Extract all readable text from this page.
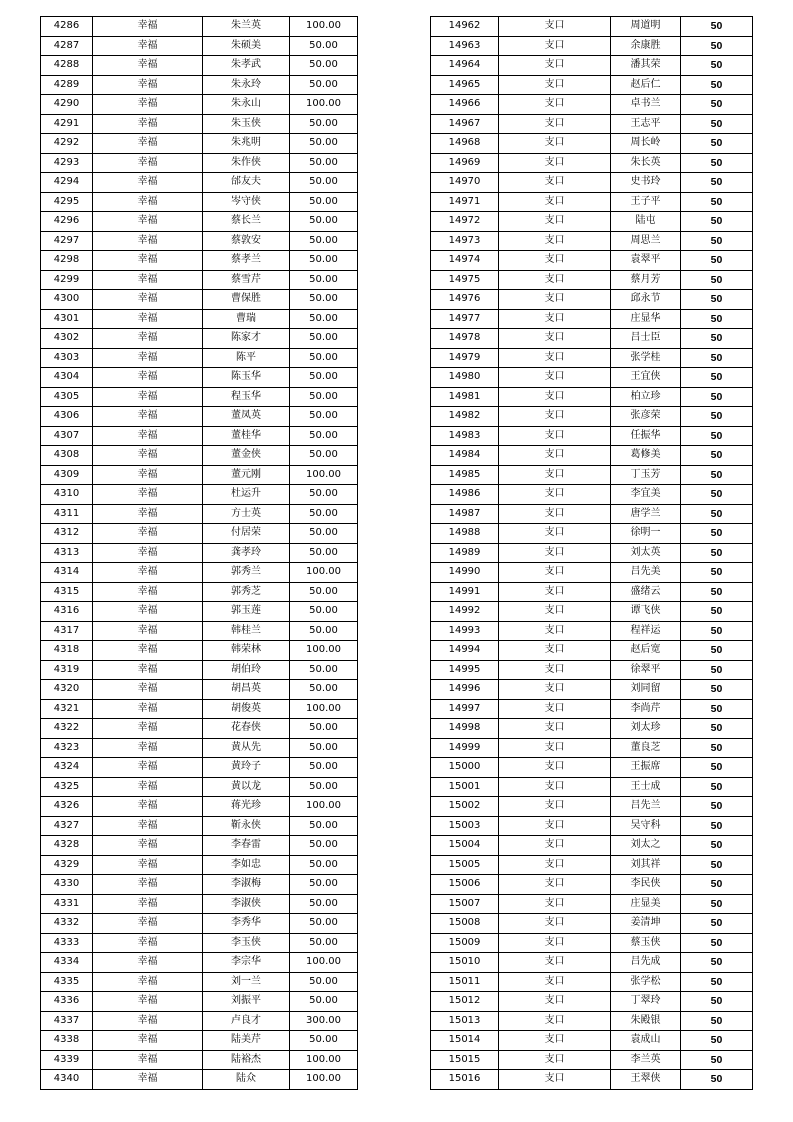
4286	幸福	朱兰英	100.00
4287	幸福	朱硕美	50.00
4288	幸福	朱孝武	50.00
4289	幸福	朱永玲	50.00
4290	幸福	朱永山	100.00
4291	幸福	朱玉侠	50.00
4292	幸福	朱兆明	50.00
4293	幸福	朱作侠	50.00
4294	幸福	邰友夫	50.00
4295	幸福	岑守侠	50.00
4296	幸福	蔡长兰	50.00
4297	幸福	蔡敦安	50.00
4298	幸福	蔡孝兰	50.00
4299	幸福	蔡雪芹	50.00
4300	幸福	曹保胜	50.00
4301	幸福	曹瑞	50.00
4302	幸福	陈家才	50.00
4303	幸福	陈平	50.00
4304	幸福	陈玉华	50.00
4305	幸福	程玉华	50.00
4306	幸福	董凤英	50.00
4307	幸福	董桂华	50.00
4308	幸福	董金侠	50.00
4309	幸福	董元刚	100.00
4310	幸福	杜运升	50.00
4311	幸福	方士英	50.00
4312	幸福	付居荣	50.00
4313	幸福	龚孝玲	50.00
4314	幸福	郭秀兰	100.00
4315	幸福	郭秀芝	50.00
4316	幸福	郭玉莲	50.00
4317	幸福	韩桂兰	50.00
4318	幸福	韩荣林	100.00
4319	幸福	胡伯玲	50.00
4320	幸福	胡昌英	50.00
4321	幸福	胡俊英	100.00
4322	幸福	花春侠	50.00
4323	幸福	黄从先	50.00
4324	幸福	黄玲子	50.00
4325	幸福	黄以龙	50.00
4326	幸福	蒋光珍	100.00
4327	幸福	靳永侠	50.00
4328	幸福	李春雷	50.00
4329	幸福	李如忠	50.00
4330	幸福	李淑梅	50.00
4331	幸福	李淑侠	50.00
4332	幸福	李秀华	50.00
4333	幸福	李玉侠	50.00
4334	幸福	李宗华	100.00
4335	幸福	刘一兰	50.00
4336	幸福	刘振平	50.00
4337	幸福	卢良才	300.00
4338	幸福	陆美芹	50.00
4339	幸福	陆裕杰	100.00
4340	幸福	陆众	100.00
14962	支口	周道明	50
14963	支口	余康胜	50
14964	支口	潘其荣	50
14965	支口	赵后仁	50
14966	支口	卓书兰	50
14967	支口	王志平	50
14968	支口	周长岭	50
14969	支口	朱长英	50
14970	支口	史书玲	50
14971	支口	王子平	50
14972	支口	陆屯	50
14973	支口	周思兰	50
14974	支口	袁翠平	50
14975	支口	蔡月芳	50
14976	支口	邱永节	50
14977	支口	庄显华	50
14978	支口	吕士臣	50
14979	支口	张学桂	50
14980	支口	王宜侠	50
14981	支口	柏立珍	50
14982	支口	张彦荣	50
14983	支口	任振华	50
14984	支口	葛修美	50
14985	支口	丁玉芳	50
14986	支口	李宜美	50
14987	支口	唐学兰	50
14988	支口	徐明一	50
14989	支口	刘太英	50
14990	支口	吕先美	50
14991	支口	盛绪云	50
14992	支口	谭飞侠	50
14993	支口	程祥运	50
14994	支口	赵后宽	50
14995	支口	徐翠平	50
14996	支口	刘同留	50
14997	支口	李尚芹	50
14998	支口	刘太珍	50
14999	支口	董良芝	50
15000	支口	王振席	50
15001	支口	王士成	50
15002	支口	吕先兰	50
15003	支口	吴守科	50
15004	支口	刘太之	50
15005	支口	刘其祥	50
15006	支口	李民侠	50
15007	支口	庄显美	50
15008	支口	姜清坤	50
15009	支口	蔡玉侠	50
15010	支口	吕先成	50
15011	支口	张学松	50
15012	支口	丁翠玲	50
15013	支口	朱殿银	50
15014	支口	袁成山	50
15015	支口	李兰英	50
15016	支口	王翠侠	50
